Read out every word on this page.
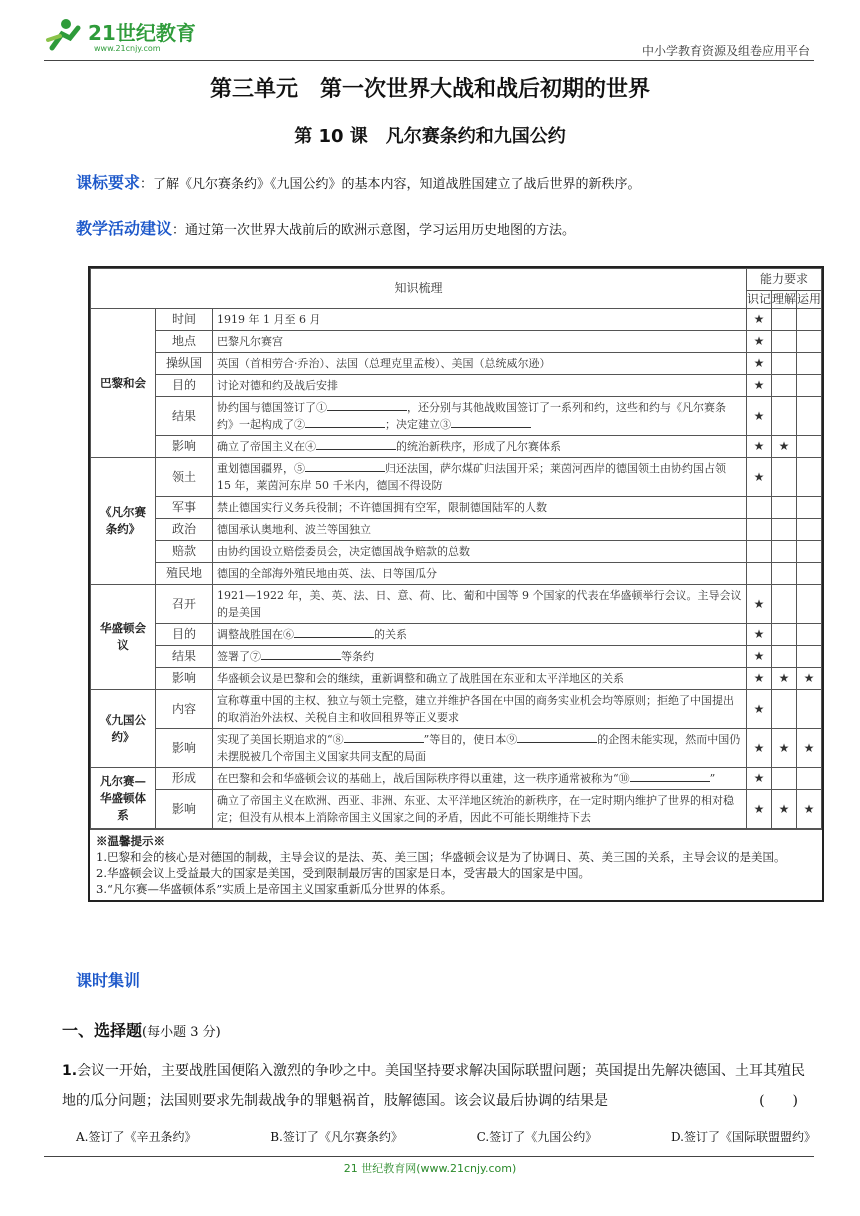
21世纪教育
www.21cnjy.com	中小学教育资源及组卷应用平台
第三单元　第一次世界大战和战后初期的世界
第 10 课　凡尔赛条约和九国公约
课标要求：了解《凡尔赛条约》《九国公约》的基本内容，知道战胜国建立了战后世界的新秩序。
教学活动建议：通过第一次世界大战前后的欧洲示意图，学习运用历史地图的方法。
知识梳理			能力要求		
			识记	理解	运用
巴黎和会	时间	1919 年 1 月至 6 月	★		
	地点	巴黎凡尔赛宫	★		
	操纵国	英国（首相劳合·乔治）、法国（总理克里孟梭）、美国（总统威尔逊）	★		
	目的	讨论对德和约及战后安排	★		
	结果	协约国与德国签订了① ，还分别与其他战败国签订了一系列和约，这些和约与《凡尔赛条约》一起构成了② ；决定建立③	★		
	影响	确立了帝国主义在④ 的统治新秩序，形成了凡尔赛体系	★	★	
《凡尔赛条约》	领土	重划德国疆界，⑤ 归还法国，萨尔煤矿归法国开采；莱茵河西岸的德国领土由协约国占领 15 年，莱茵河东岸 50 千米内，德国不得设防	★		
	军事	禁止德国实行义务兵役制；不许德国拥有空军，限制德国陆军的人数			
	政治	德国承认奥地利、波兰等国独立			
	赔款	由协约国设立赔偿委员会，决定德国战争赔款的总数			
	殖民地	德国的全部海外殖民地由英、法、日等国瓜分			
华盛顿会议	召开	1921—1922 年，美、英、法、日、意、荷、比、葡和中国等 9 个国家的代表在华盛顿举行会议。主导会议的是美国	★		
	目的	调整战胜国在⑥ 的关系	★		
	结果	签署了⑦ 等条约	★		
	影响	华盛顿会议是巴黎和会的继续，重新调整和确立了战胜国在东亚和太平洋地区的关系	★	★	★
《九国公约》	内容	宣称尊重中国的主权、独立与领土完整，建立并维护各国在中国的商务实业机会均等原则；拒绝了中国提出的取消治外法权、关税自主和收回租界等正义要求	★		
	影响	实现了美国长期追求的“⑧ ”等目的，使日本⑨ 的企图未能实现，然而中国仍未摆脱被几个帝国主义国家共同支配的局面	★	★	★
凡尔赛—华盛顿体系	形成	在巴黎和会和华盛顿会议的基础上，战后国际秩序得以重建，这一秩序通常被称为“⑩ ”	★		
	影响	确立了帝国主义在欧洲、西亚、非洲、东亚、太平洋地区统治的新秩序，在一定时期内维护了世界的相对稳定；但没有从根本上消除帝国主义国家之间的矛盾，因此不可能长期维持下去	★	★	★
※温馨提示※
1.巴黎和会的核心是对德国的制裁，主导会议的是法、英、美三国；华盛顿会议是为了协调日、英、美三国的关系，主导会议的是美国。
2.华盛顿会议上受益最大的国家是美国，受到限制最厉害的国家是日本，受害最大的国家是中国。
3.“凡尔赛—华盛顿体系”实质上是帝国主义国家重新瓜分世界的体系。
课时集训
一、选择题(每小题 3 分)
1.会议一开始，主要战胜国便陷入激烈的争吵之中。美国坚持要求解决国际联盟问题；英国提出先解决德国、土耳其殖民地的瓜分问题；法国则要求先制裁战争的罪魁祸首，肢解德国。该会议最后协调的结果是	(　　)
A.签订了《辛丑条约》	B.签订了《凡尔赛条约》	C.签订了《九国公约》	D.签订了《国际联盟盟约》
21 世纪教育网(www.21cnjy.com)
